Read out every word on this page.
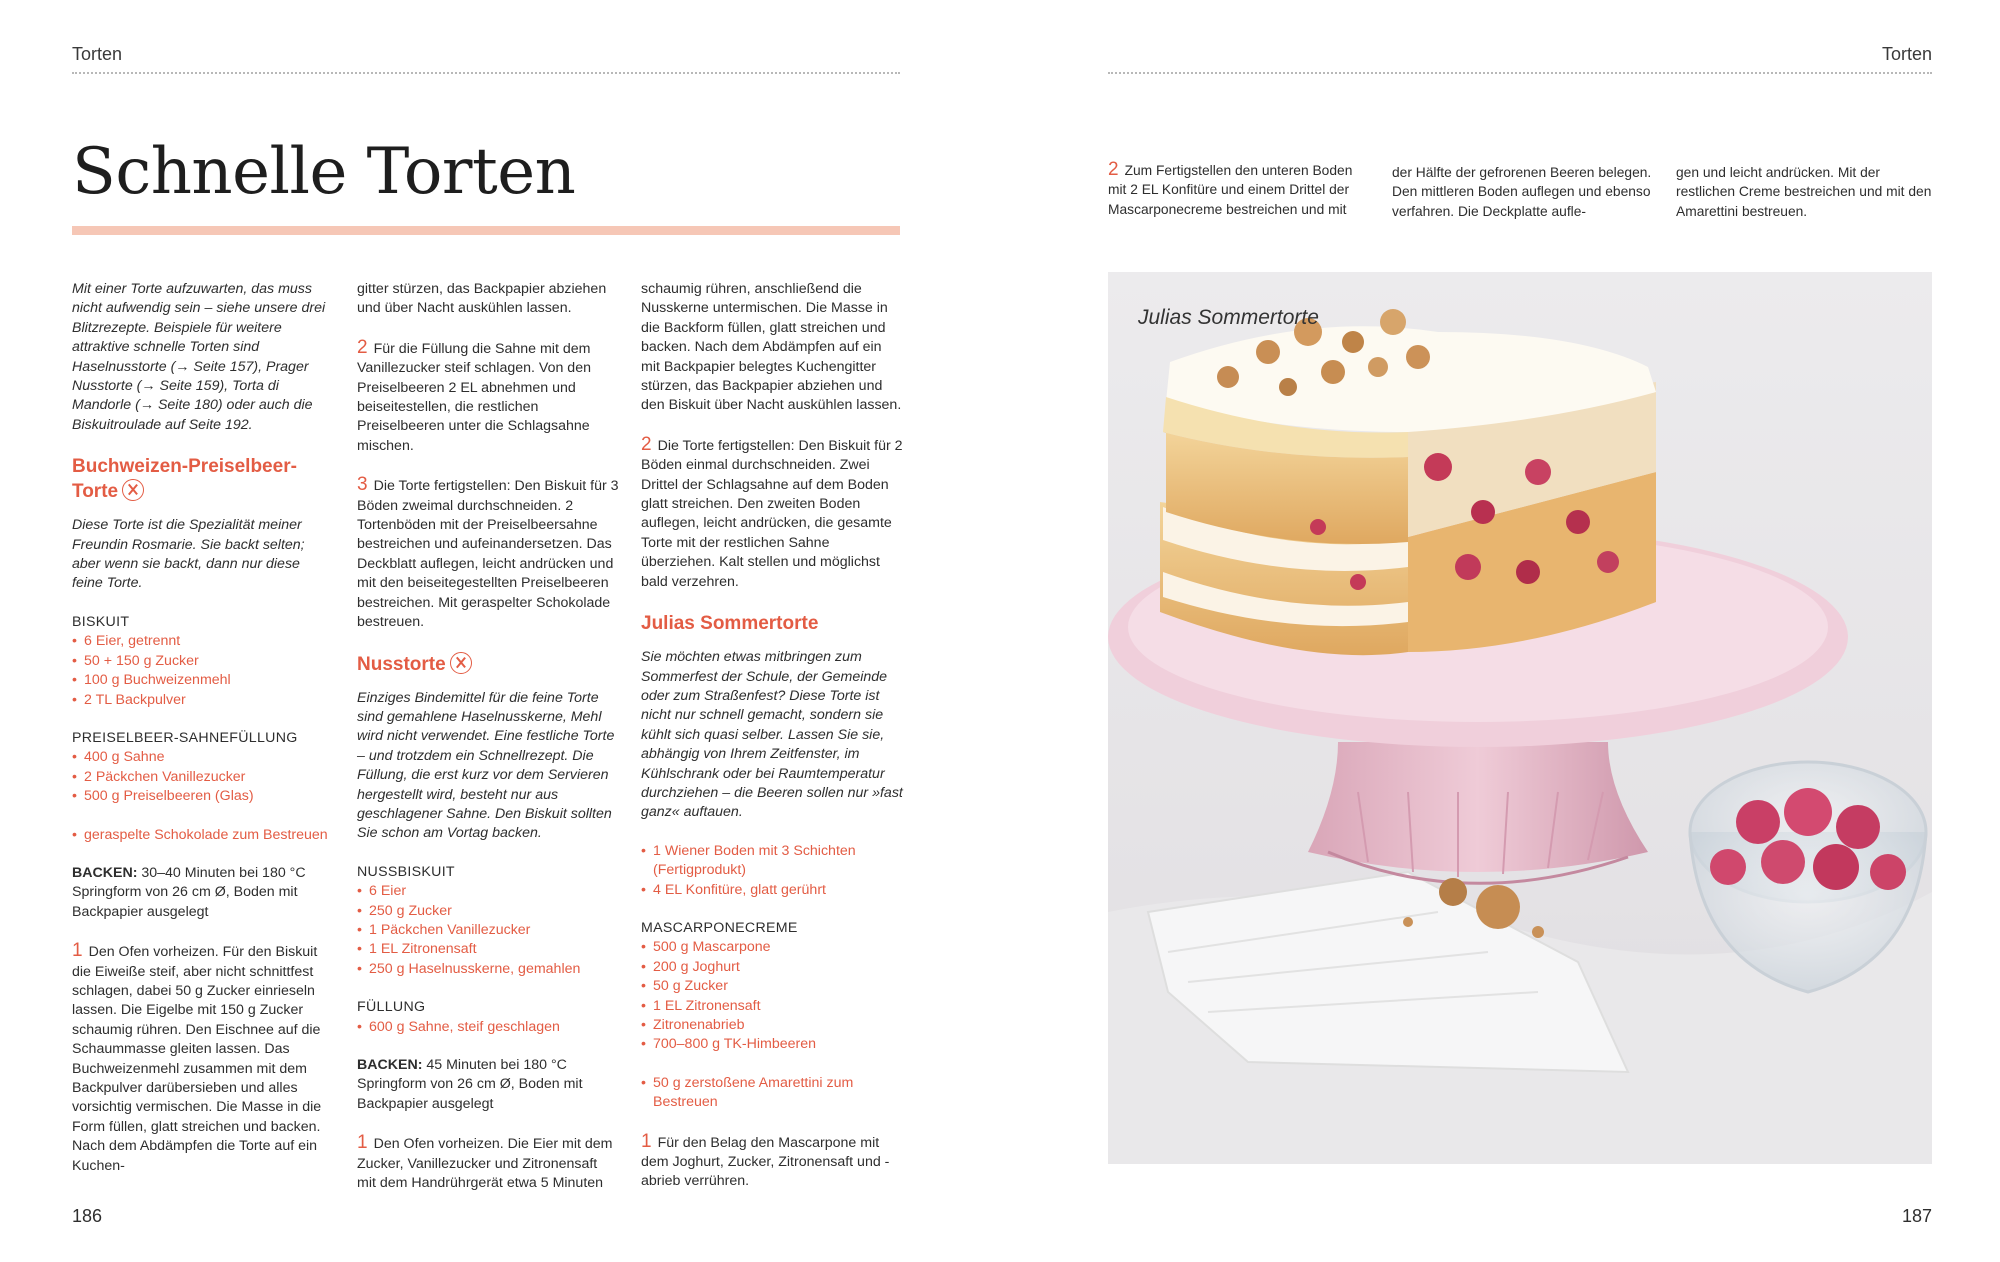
Torten
Schnelle Torten

Mit einer Torte aufzuwarten, das muss nicht aufwendig sein – siehe unsere drei Blitzrezepte. Beispiele für weitere attraktive schnelle Torten sind Haselnusstorte (→ Seite 157), Prager Nusstorte (→ Seite 159), Torta di Mandorle (→ Seite 180) oder auch die Biskuitroulade auf Seite 192.

Buchweizen-Preiselbeer-Torte

Diese Torte ist die Spezialität meiner Freundin Rosmarie. Sie backt selten; aber wenn sie backt, dann nur diese feine Torte.

BISKUIT
• 6 Eier, getrennt
• 50 + 150 g Zucker
• 100 g Buchweizenmehl
• 2 TL Backpulver
PREISELBEER-SAHNEFÜLLUNG
• 400 g Sahne
• 2 Päckchen Vanillezucker
• 500 g Preiselbeeren (Glas)
• geraspelte Schokolade zum Bestreuen

BACKEN: 30–40 Minuten bei 180 °C Springform von 26 cm Ø, Boden mit Backpapier ausgelegt

1 Den Ofen vorheizen. Für den Biskuit die Eiweiße steif, aber nicht schnittfest schlagen, dabei 50 g Zucker einrieseln lassen. Die Eigelbe mit 150 g Zucker schaumig rühren. Den Eischnee auf die Schaummasse gleiten lassen. Das Buchweizenmehl zusammen mit dem Backpulver darübersieben und alles vorsichtig vermischen. Die Masse in die Form füllen, glatt streichen und backen. Nach dem Abdämpfen die Torte auf ein Kuchen-

gitter stürzen, das Backpapier abziehen und über Nacht auskühlen lassen.

2 Für die Füllung die Sahne mit dem Vanillezucker steif schlagen. Von den Preiselbeeren 2 EL abnehmen und beiseitestellen, die restlichen Preiselbeeren unter die Schlagsahne mischen.

3 Die Torte fertigstellen: Den Biskuit für 3 Böden zweimal durchschneiden. 2 Tortenböden mit der Preiselbeersahne bestreichen und aufeinandersetzen. Das Deckblatt auflegen, leicht andrücken und mit den beiseitegestellten Preiselbeeren bestreichen. Mit geraspelter Schokolade bestreuen.

Nusstorte

Einziges Bindemittel für die feine Torte sind gemahlene Haselnusskerne, Mehl wird nicht verwendet. Eine festliche Torte – und trotzdem ein Schnellrezept. Die Füllung, die erst kurz vor dem Servieren hergestellt wird, besteht nur aus geschlagener Sahne. Den Biskuit sollten Sie schon am Vortag backen.

NUSSBISKUIT
• 6 Eier
• 250 g Zucker
• 1 Päckchen Vanillezucker
• 1 EL Zitronensaft
• 250 g Haselnusskerne, gemahlen
FÜLLUNG
• 600 g Sahne, steif geschlagen

BACKEN: 45 Minuten bei 180 °C Springform von 26 cm Ø, Boden mit Backpapier ausgelegt

1 Den Ofen vorheizen. Die Eier mit dem Zucker, Vanillezucker und Zitronensaft mit dem Handrührgerät etwa 5 Minuten

schaumig rühren, anschließend die Nusskerne untermischen. Die Masse in die Backform füllen, glatt streichen und backen. Nach dem Abdämpfen auf ein mit Backpapier belegtes Kuchengitter stürzen, das Backpapier abziehen und den Biskuit über Nacht auskühlen lassen.

2 Die Torte fertigstellen: Den Biskuit für 2 Böden einmal durchschneiden. Zwei Drittel der Schlagsahne auf dem Boden glatt streichen. Den zweiten Boden auflegen, leicht andrücken, die gesamte Torte mit der restlichen Sahne überziehen. Kalt stellen und möglichst bald verzehren.

Julias Sommertorte

Sie möchten etwas mitbringen zum Sommerfest der Schule, der Gemeinde oder zum Straßenfest? Diese Torte ist nicht nur schnell gemacht, sondern sie kühlt sich quasi selber. Lassen Sie sie, abhängig von Ihrem Zeitfenster, im Kühlschrank oder bei Raumtemperatur durchziehen – die Beeren sollen nur »fast ganz« auftauen.

• 1 Wiener Boden mit 3 Schichten (Fertigprodukt)
• 4 EL Konfitüre, glatt gerührt
MASCARPONECREME
• 500 g Mascarpone
• 200 g Joghurt
• 50 g Zucker
• 1 EL Zitronensaft
• Zitronenabrieb
• 700–800 g TK-Himbeeren
• 50 g zerstoßene Amarettini zum Bestreuen

1 Für den Belag den Mascarpone mit dem Joghurt, Zucker, Zitronensaft und -abrieb verrühren.

186
Torten
2 Zum Fertigstellen den unteren Boden mit 2 EL Konfitüre und einem Drittel der Mascarponecreme bestreichen und mit
der Hälfte der gefrorenen Beeren belegen. Den mittleren Boden auflegen und ebenso verfahren. Die Deckplatte aufle-
gen und leicht andrücken. Mit der restlichen Creme bestreichen und mit den Amarettini bestreuen.
187
Julias Sommertorte
